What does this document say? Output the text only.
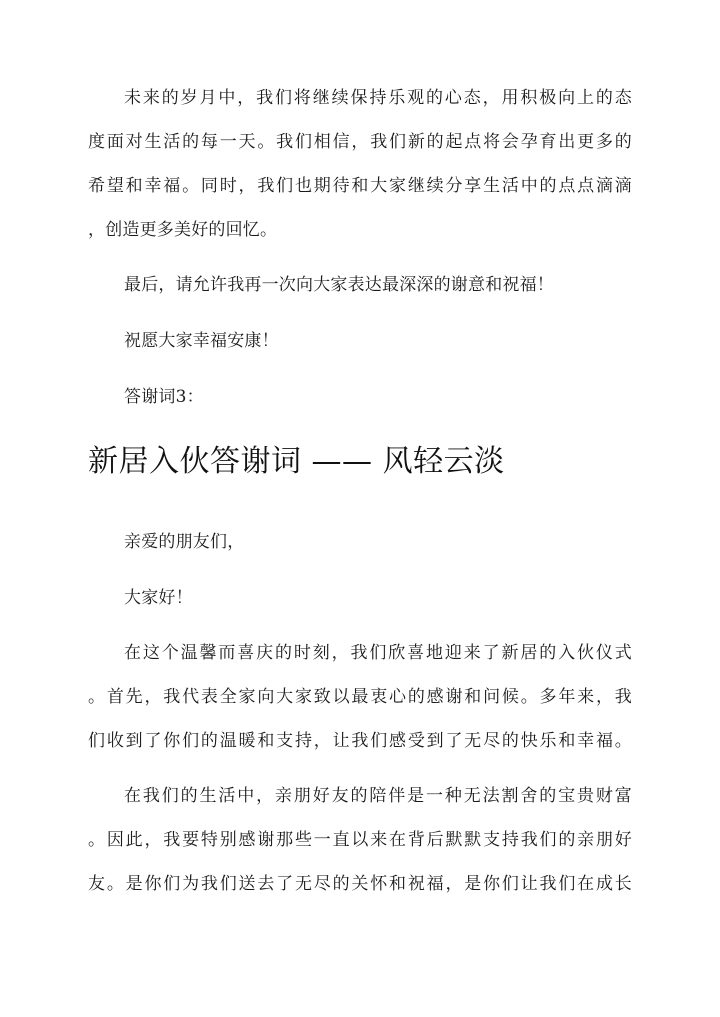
未来的岁月中，我们将继续保持乐观的心态，用积极向上的态
度面对生活的每一天。我们相信，我们新的起点将会孕育出更多的
希望和幸福。同时，我们也期待和大家继续分享生活中的点点滴滴
，创造更多美好的回忆。
最后，请允许我再一次向大家表达最深深的谢意和祝福！
祝愿大家幸福安康！
答谢词3：
新居入伙答谢词 —— 风轻云淡
亲爱的朋友们，
大家好！
在这个温馨而喜庆的时刻，我们欣喜地迎来了新居的入伙仪式
。首先，我代表全家向大家致以最衷心的感谢和问候。多年来，我
们收到了你们的温暖和支持，让我们感受到了无尽的快乐和幸福。
在我们的生活中，亲朋好友的陪伴是一种无法割舍的宝贵财富
。因此，我要特别感谢那些一直以来在背后默默支持我们的亲朋好
友。是你们为我们送去了无尽的关怀和祝福，是你们让我们在成长
